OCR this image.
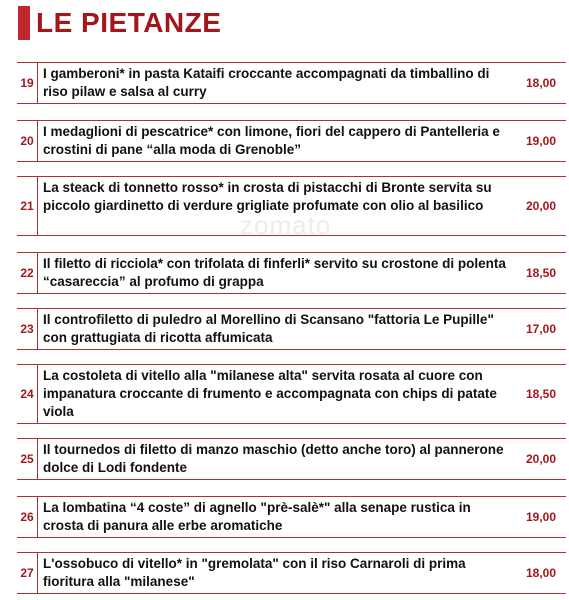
LE PIETANZE
zomato
19
I gamberoni* in pasta Kataifi croccante accompagnati da timballino di riso pilaw e salsa al curry
18,00
20
I medaglioni di pescatrice* con limone, fiori del cappero di Pantelleria e crostini di pane “alla moda di Grenoble”
19,00
21
La steack di tonnetto rosso* in crosta di pistacchi di Bronte servita su piccolo giardinetto di verdure grigliate profumate con olio al basilico	20,00
22
Il filetto di ricciola* con trifolata di finferli* servito su crostone di polenta “casareccia” al profumo di grappa
18,50
23
Il controfiletto di puledro al Morellino di Scansano "fattoria Le Pupille" con grattugiata di ricotta affumicata
17,00
24
La costoleta di vitello alla "milanese alta" servita rosata al cuore con impanatura croccante di frumento e accompagnata con chips di patate viola
18,50
25
Il tournedos di filetto di manzo maschio (detto anche toro) al pannerone dolce di Lodi fondente
20,00
26
La lombatina “4 coste” di agnello "prè-salè*" alla senape rustica in crosta di panura alle erbe aromatiche
19,00
27
L'ossobuco di vitello* in "gremolata" con il riso Carnaroli di prima fioritura alla "milanese"
18,00
